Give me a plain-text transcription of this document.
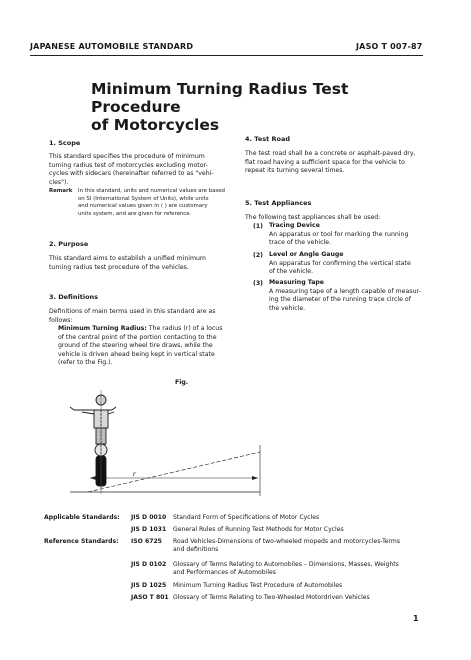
JAPANESE AUTOMOBILE STANDARD	JASO T 007-87
Minimum Turning Radius Test Procedure
of Motorcycles
1. Scope
This standard specifies the procedure of minimum
turning radius test of motorcycles excluding motor-
cycles with sidecars (hereinafter referred to as "vehi-
cles").
Remark In this standard, units and numerical values are based
on SI (International System of Units), while units
and numerical values given in ( ) are customary
units system, and are given for reference.
2. Purpose
This standard aims to establish a unified minimum
turning radius test procedure of the vehicles.
3. Definitions
Definitions of main terms used in this standard are as
follows:
Minimum Turning Radius: The radius (r) of a locus
of the central point of the portion contacting to the
ground of the steering wheel tire draws, while the
vehicle is driven ahead being kept in vertical state
(refer to the Fig.).
4. Test Road
The test road shall be a concrete or asphalt-paved dry,
flat road having a sufficient space for the vehicle to
repeat its turning several times.
5. Test Appliances
The following test appliances shall be used:
(1) Tracing Device
An apparatus or tool for marking the running
trace of the vehicle.
(2) Level or Angle Gauge
An apparatus for confirming the vertical state
of the vehicle.
(3) Measuring Tape
A measuring tape of a length capable of measur-
ing the diameter of the running trace circle of
the vehicle.
Fig.
r
Applicable Standards:
Reference Standards:
JIS D 0010 Standard Form of Specifications of Motor Cycles
JIS D 1031 General Rules of Running Test Methods for Motor Cycles
ISO 6725 Road Vehicles-Dimensions of two-wheeled mopeds and motorcycles-Terms
and definitions
JIS D 0102 Glossary of Terms Relating to Automobiles – Dimensions, Masses, Weights
and Performances of Automobiles
JIS D 1025 Minimum Turning Radius Test Procedure of Automobiles
JASO T 801 Glossary of Terms Relating to Two-Wheeled Motordriven Vehicles
1
